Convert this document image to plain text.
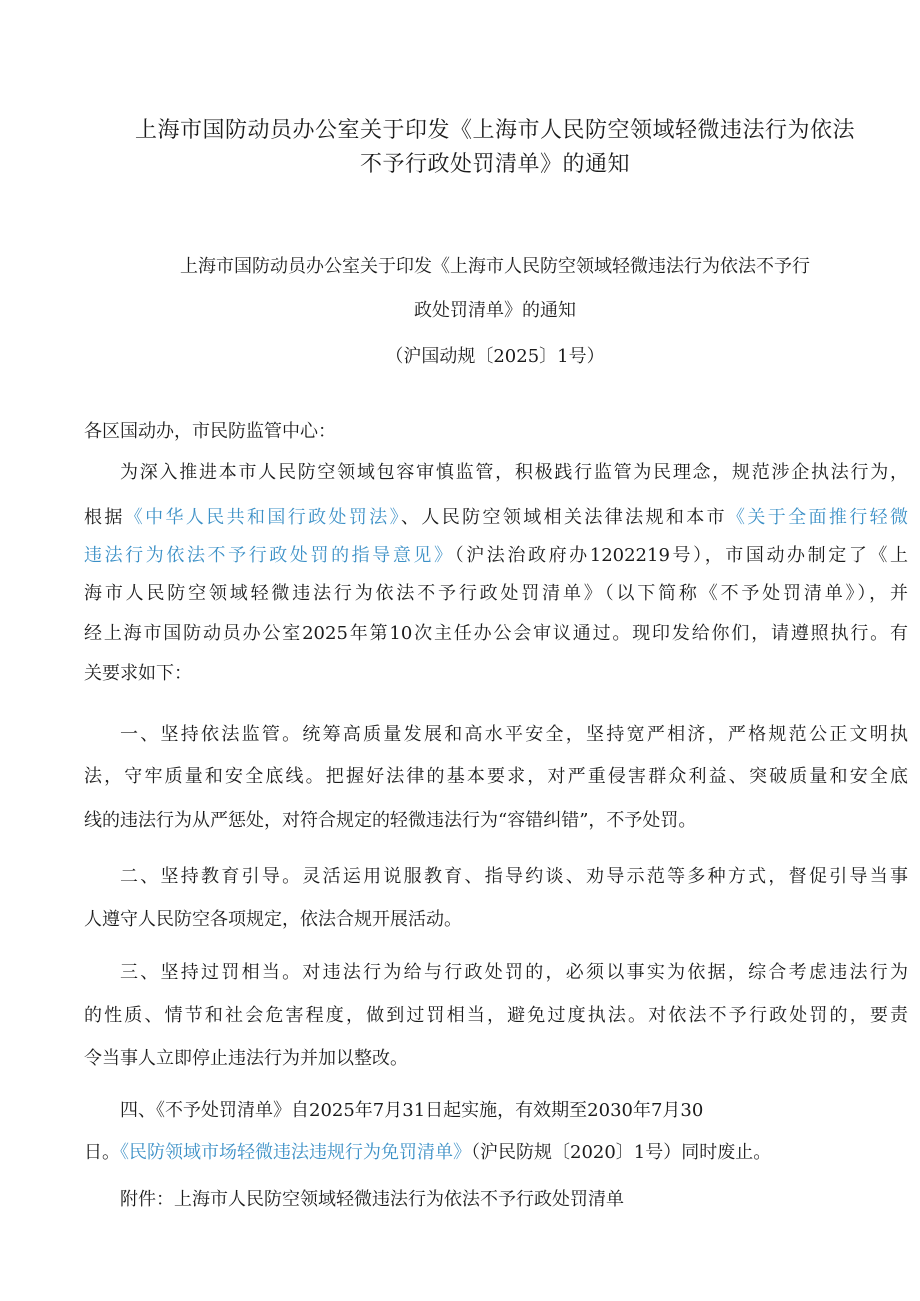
上海市国防动员办公室关于印发《上海市人民防空领域轻微违法行为依法
不予行政处罚清单》的通知
上海市国防动员办公室关于印发《上海市人民防空领域轻微违法行为依法不予行
政处罚清单》的通知
（沪国动规〔2025〕1号）
各区国动办，市民防监管中心：
为深入推进本市人民防空领域包容审慎监管，积极践行监管为民理念，规范涉企执法行为，
根据《中华人民共和国行政处罚法》、人民防空领域相关法律法规和本市《关于全面推行轻微
违法行为依法不予行政处罚的指导意见》（沪法治政府办1202219号），市国动办制定了《上
海市人民防空领域轻微违法行为依法不予行政处罚清单》（以下简称《不予处罚清单》），并
经上海市国防动员办公室2025年第10次主任办公会审议通过。现印发给你们，请遵照执行。有
关要求如下：
一、坚持依法监管。统筹高质量发展和高水平安全，坚持宽严相济，严格规范公正文明执
法，守牢质量和安全底线。把握好法律的基本要求，对严重侵害群众利益、突破质量和安全底
线的违法行为从严惩处，对符合规定的轻微违法行为“容错纠错”，不予处罚。
二、坚持教育引导。灵活运用说服教育、指导约谈、劝导示范等多种方式，督促引导当事
人遵守人民防空各项规定，依法合规开展活动。
三、坚持过罚相当。对违法行为给与行政处罚的，必须以事实为依据，综合考虑违法行为
的性质、情节和社会危害程度，做到过罚相当，避免过度执法。对依法不予行政处罚的，要责
令当事人立即停止违法行为并加以整改。
四、《不予处罚清单》自2025年7月31日起实施，有效期至2030年7月30
日。《民防领域市场轻微违法违规行为免罚清单》（沪民防规〔2020〕1号）同时废止。
附件：上海市人民防空领域轻微违法行为依法不予行政处罚清单
